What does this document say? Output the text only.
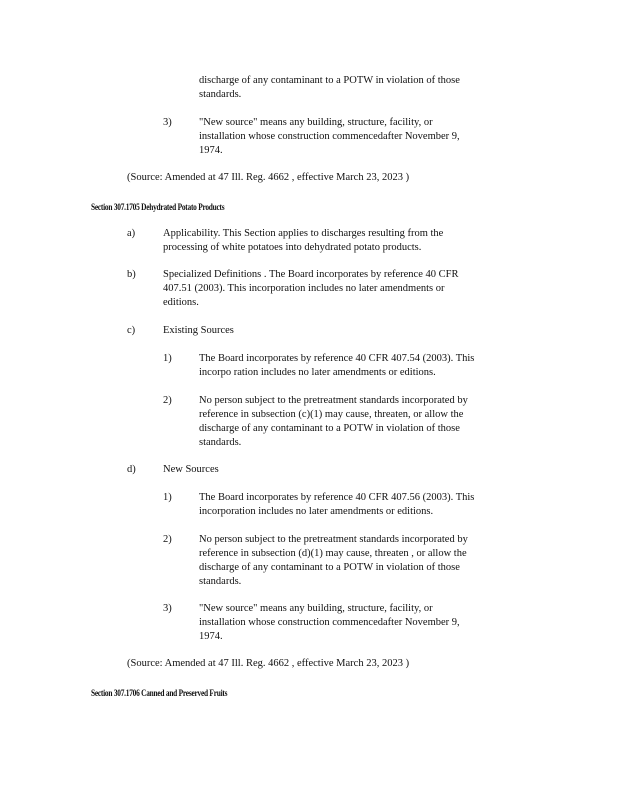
discharge of any contaminant to a POTW in violation of those
standards.
3)	"New source" means any building, structure, facility, or
installation whose construction commencedafter November 9,
1974.
(Source: Amended at 47 Ill. Reg. 4662 , effective March 23, 2023 )
Section 307.1705 Dehydrated Potato Products
a)	Applicability. This Section applies to discharges resulting from the
processing of white potatoes into dehydrated potato products.
b)	Specialized Definitions . The Board incorporates by reference 40 CFR
407.51 (2003). This incorporation includes no later amendments or
editions.
c)	Existing Sources
1)	The Board incorporates by reference 40 CFR 407.54 (2003). This
incorpo ration includes no later amendments or editions.
2)	No person subject to the pretreatment standards incorporated by
reference in subsection (c)(1) may cause, threaten, or allow the
discharge of any contaminant to a POTW in violation of those
standards.
d)	New Sources
1)	The Board incorporates by reference 40 CFR 407.56 (2003). This
incorporation includes no later amendments or editions.
2)	No person subject to the pretreatment standards incorporated by
reference in subsection (d)(1) may cause, threaten , or allow the
discharge of any contaminant to a POTW in violation of those
standards.
3)	"New source" means any building, structure, facility, or
installation whose construction commencedafter November 9,
1974.
(Source: Amended at 47 Ill. Reg. 4662 , effective March 23, 2023 )
Section 307.1706 Canned and Preserved Fruits
